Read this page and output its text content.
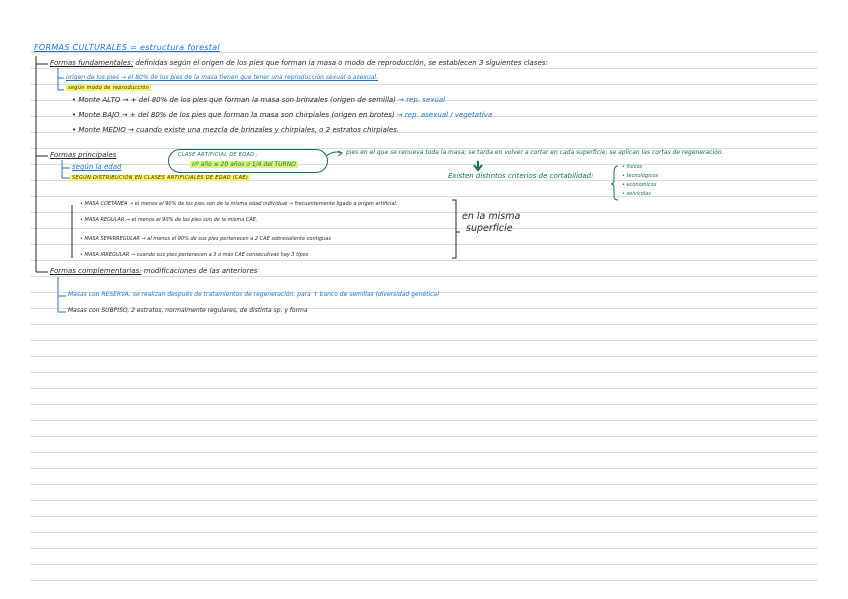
FORMAS CULTURALES = estructura forestal
Formas fundamentales: definidas según el origen de los pies que forman la masa o modo de reproducción, se establecen 3 siguientes clases:
origen de los pies → el 80% de los pies de la masa tienen que tener una reproducción sexual o asexual.
según modo de reproducción
• Monte ALTO → + del 80% de los pies que forman la masa son brinzales (origen de semilla) → rep. sexual
• Monte BAJO → + del 80% de los pies que forman la masa son chirpiales (origen en brotes) → rep. asexual / vegetativa
• Monte MEDIO → cuando existe una mezcla de brinzales y chirpiales, o 2 estratos chirpiales.
Formas principales
según la edad
CLASE ARTIFICIAL DE EDAD :
nº año ≤ 20 años o 1/4 del TURNO
pies en el que se renueva toda la masa; se tarda en volver a cortar en cada superficie; se aplican las cortas de regeneración.
Existen distintos criterios de cortabilidad:
• físicos
• tecnológicos
• económicos
• selvícolas
SEGÚN DISTRIBUCIÓN EN CLASES ARTIFICIALES DE EDAD (CAE)
• MASA COETÁNEA → el menos el 90% de los pies son de la misma edad individual → frecuentemente ligado a origen artificial.
• MASA REGULAR → el menos el 90% de los pies son de la misma CAE.
• MASA SEMIRREGULAR → al menos el 90% de sus pies pertenecen a 2 CAE sobresaliente contiguas
• MASA IRREGULAR → cuando sus pies pertenecen a 3 o más CAE consecutivas hay 3 tipos
en la misma
superficie
Formas complementarias: modificaciones de las anteriores
Masas con RESERVA, se realizan después de tratamientos de regeneración, para ↑ banco de semillas (diversidad genética)
Masas con SUBPISO, 2 estratos, normalmente regulares, de distinta sp. y forma
